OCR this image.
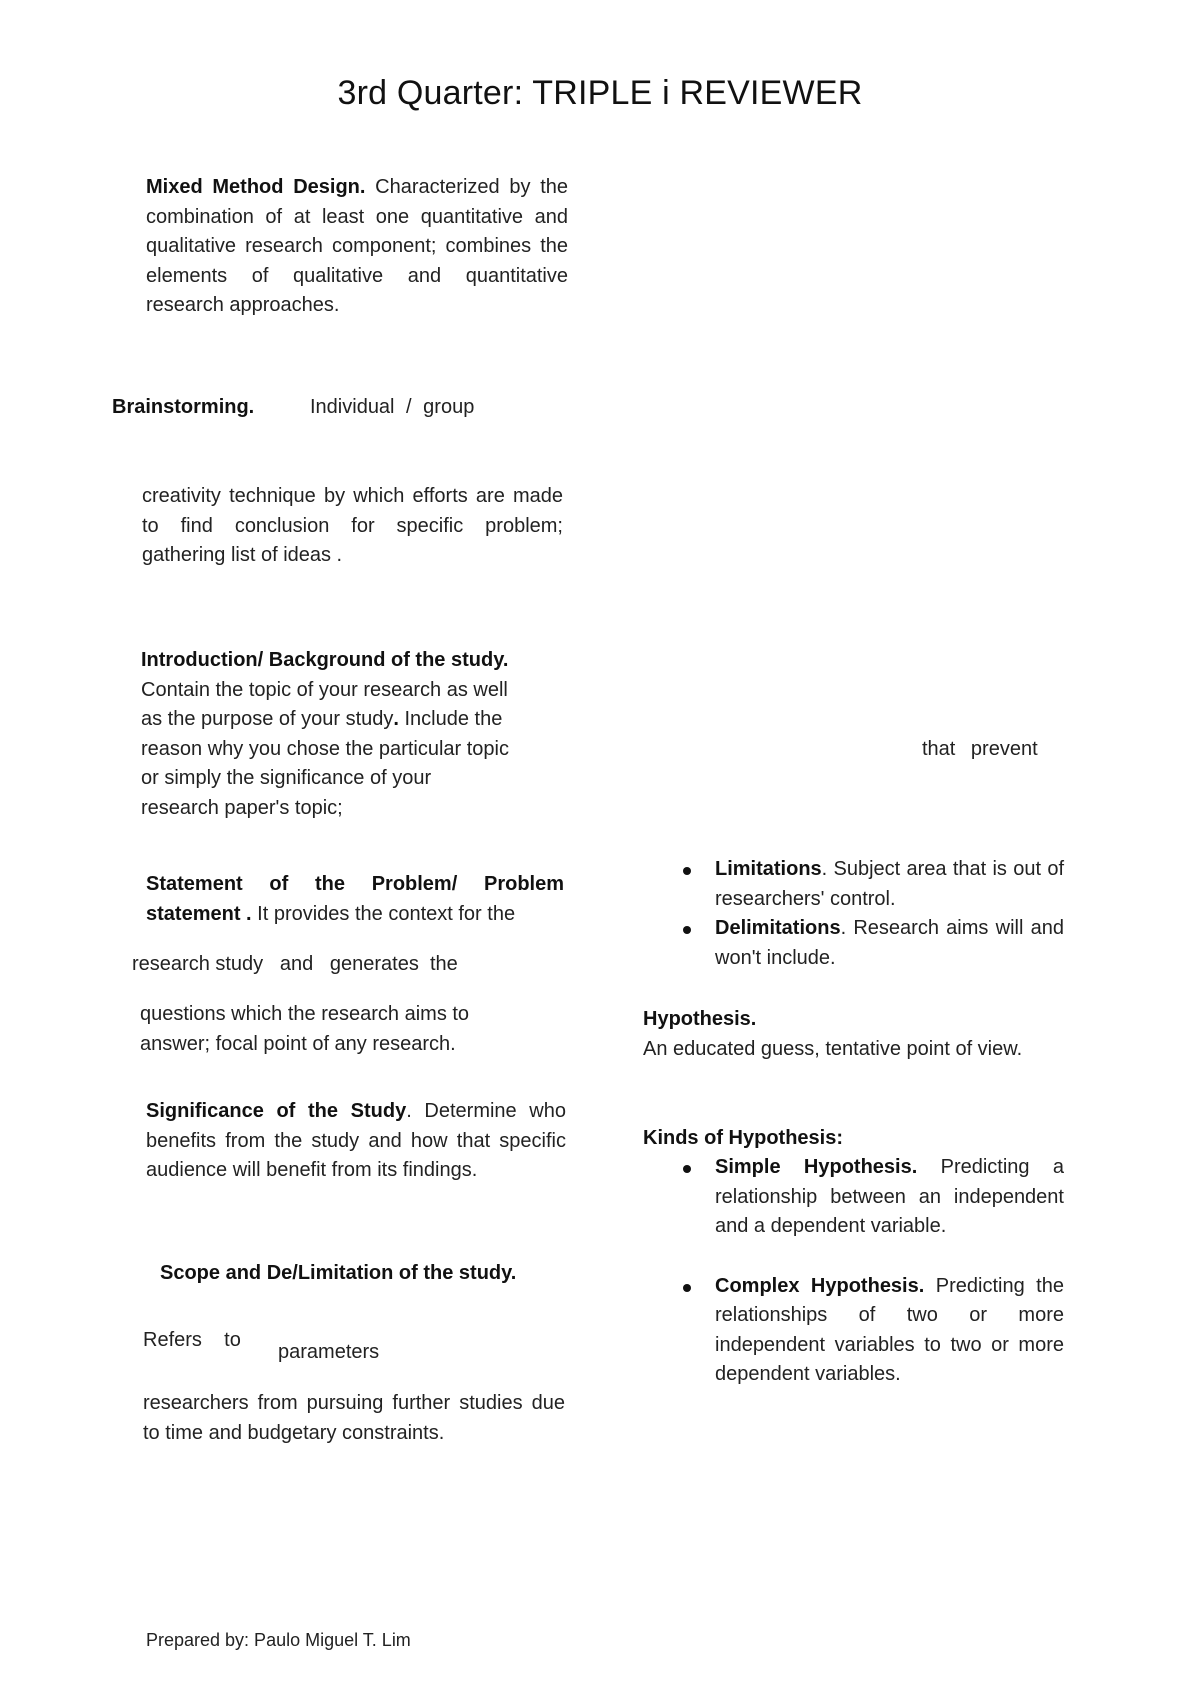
3rd Quarter: TRIPLE i REVIEWER
Mixed Method Design. Characterized by the combination of at least one quantitative and qualitative research component; combines the elements of qualitative and quantitative research approaches.
Brainstorming.	Individual / group
creativity technique by which efforts are made to find conclusion for specific problem; gathering list of ideas .
Introduction/ Background of the study.
Contain the topic of your research as well
as the purpose of your study. Include the
reason why you chose the particular topic
or simply the significance of your
research paper's topic;
that prevent
Statement of the Problem/ Problem
statement . It provides the context for the
research study   and   generates  the
questions which the research aims to answer; focal point of any research.
Significance of the Study. Determine who benefits from the study and how that specific audience will benefit from its findings.
Scope and De/Limitation of the study.
Refers    to
parameters
researchers from pursuing further studies due to time and budgetary constraints.
Limitations. Subject area that is out of researchers' control.
Delimitations. Research aims will and won't include.
Hypothesis.
An educated guess, tentative point of view.
Kinds of Hypothesis:
Simple Hypothesis. Predicting a relationship between an independent and a dependent variable.
Complex Hypothesis. Predicting the relationships of two or more independent variables to two or more dependent variables.
Prepared by: Paulo Miguel T. Lim
